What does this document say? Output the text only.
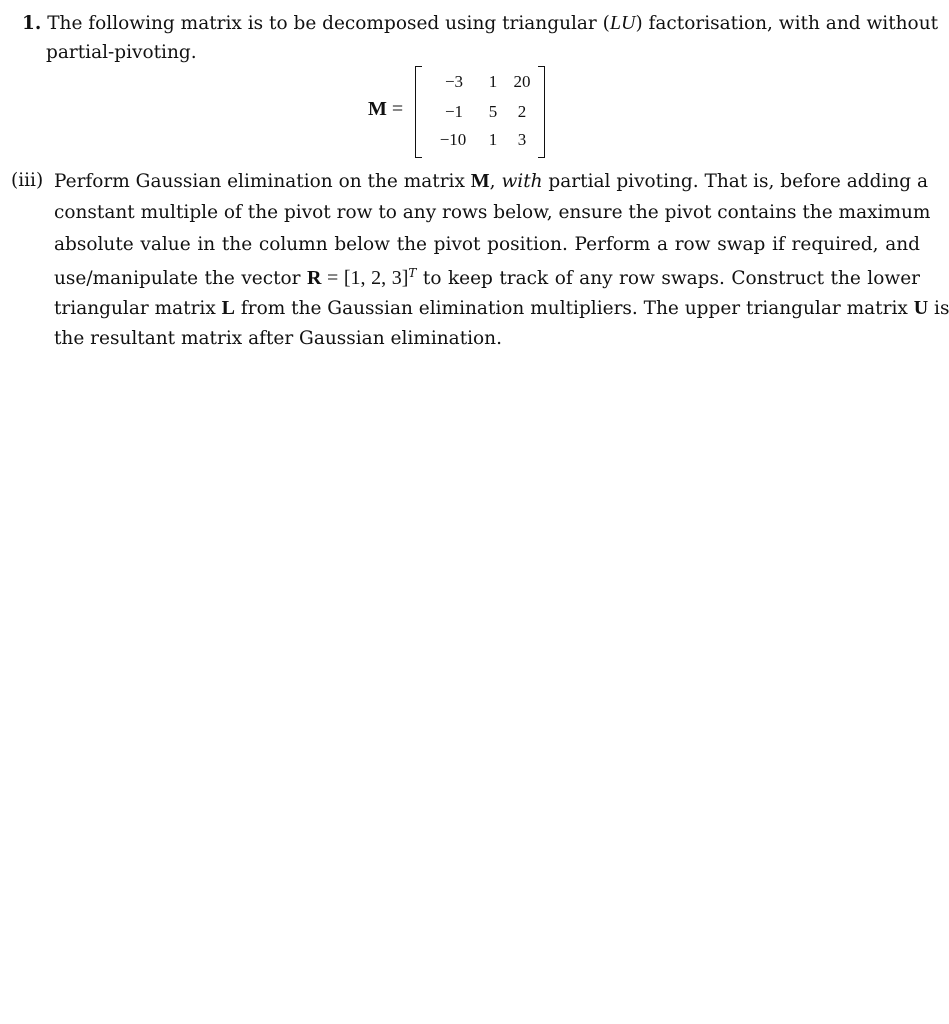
1. The following matrix is to be decomposed using triangular (LU) factorisation, with and without
partial-pivoting.
M =
−3	1 20
−1	5	2
−10	1	3
(iii) Perform Gaussian elimination on the matrix M, with partial pivoting. That is, before adding a
constant multiple of the pivot row to any rows below, ensure the pivot contains the maximum
absolute value in the column below the pivot position. Perform a row swap if required, and
use/manipulate the vector R = [1, 2, 3]$^T$ to keep track of any row swaps. Construct the lower
triangular matrix L from the Gaussian elimination multipliers. The upper triangular matrix U is
the resultant matrix after Gaussian elimination.
